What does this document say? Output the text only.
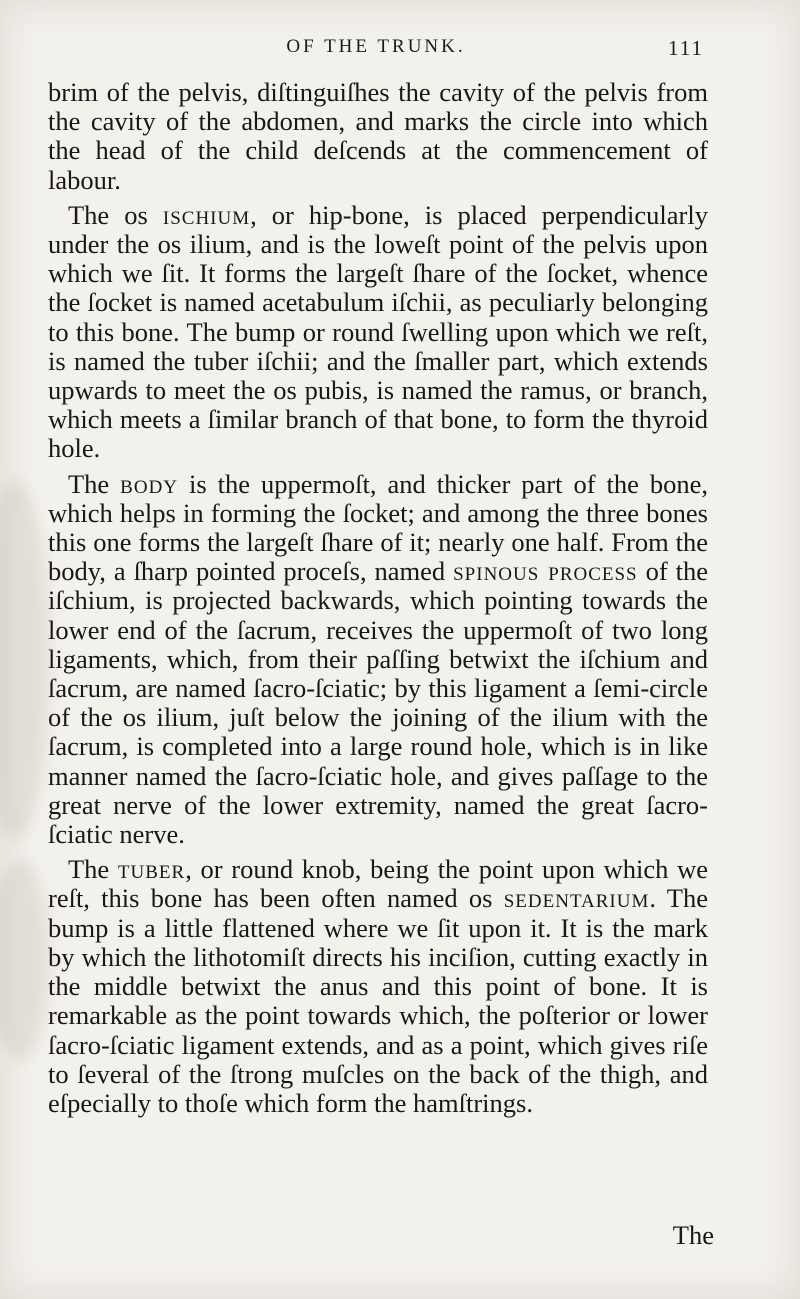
OF THE TRUNK.	111

brim of the pelvis, diſtinguiſhes the cavity of the pelvis from the cavity of the abdomen, and marks the circle into which the head of the child deſcends at the commencement of labour.

The os ischium, or hip-bone, is placed perpendicularly under the os ilium, and is the loweſt point of the pelvis upon which we ſit. It forms the largeſt ſhare of the ſocket, whence the ſocket is named acetabulum iſchii, as peculiarly belonging to this bone. The bump or round ſwelling upon which we reſt, is named the tuber iſchii; and the ſmaller part, which extends upwards to meet the os pubis, is named the ramus, or branch, which meets a ſimilar branch of that bone, to form the thyroid hole.

The body is the uppermoſt, and thicker part of the bone, which helps in forming the ſocket; and among the three bones this one forms the largeſt ſhare of it; nearly one half. From the body, a ſharp pointed proceſs, named spinous process of the iſchium, is projected backwards, which pointing towards the lower end of the ſacrum, receives the uppermoſt of two long ligaments, which, from their paſſing betwixt the iſchium and ſacrum, are named ſacro-ſciatic; by this ligament a ſemi-circle of the os ilium, juſt below the joining of the ilium with the ſacrum, is completed into a large round hole, which is in like manner named the ſacro-ſciatic hole, and gives paſſage to the great nerve of the lower extremity, named the great ſacro-ſciatic nerve.

The tuber, or round knob, being the point upon which we reſt, this bone has been often named os sedentarium. The bump is a little flattened where we ſit upon it. It is the mark by which the lithotomiſt directs his inciſion, cutting exactly in the middle betwixt the anus and this point of bone. It is remarkable as the point towards which, the poſterior or lower ſacro-ſciatic ligament extends, and as a point, which gives riſe to ſeveral of the ſtrong muſcles on the back of the thigh, and eſpecially to thoſe which form the hamſtrings.

The
